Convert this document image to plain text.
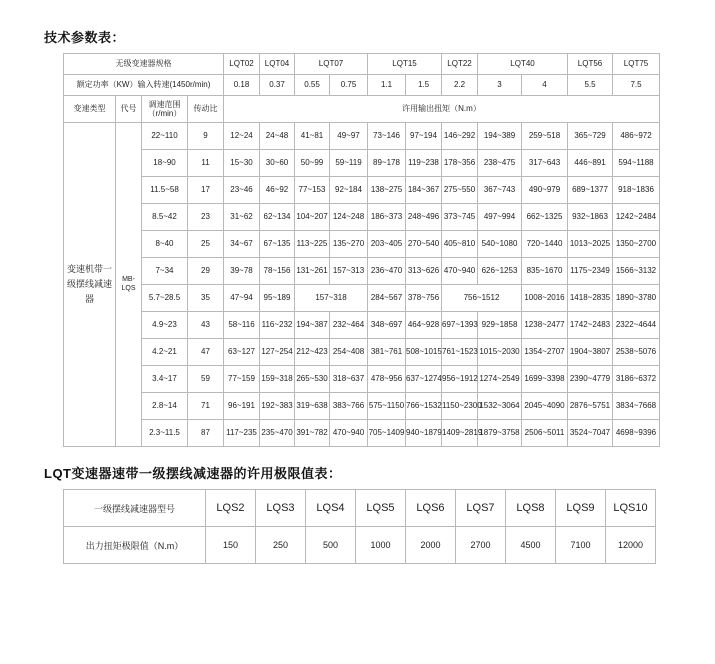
技术参数表：
无级变速器规格				LQT02	LQT04	LQT07		LQT15		LQT22	LQT40		LQT56	LQT75
额定功率（KW）输入转速(1450r/min)				0.18	0.37	0.55	0.75	1.1	1.5	2.2	3	4	5.5	7.5
变速类型	代号	调速范围（r/min）	传动比	许用输出扭矩（N.m）										
变速机带一级摆线减速器	MB-LQS	22~110	9	12~24	24~48	41~81	49~97	73~146	97~194	146~292	194~389	259~518	365~729	486~972
		18~90	11	15~30	30~60	50~99	59~119	89~178	119~238	178~356	238~475	317~643	446~891	594~1188
		11.5~58	17	23~46	46~92	77~153	92~184	138~275	184~367	275~550	367~743	490~979	689~1377	918~1836
		8.5~42	23	31~62	62~134	104~207	124~248	186~373	248~496	373~745	497~994	662~1325	932~1863	1242~2484
		8~40	25	34~67	67~135	113~225	135~270	203~405	270~540	405~810	540~1080	720~1440	1013~2025	1350~2700
		7~34	29	39~78	78~156	131~261	157~313	236~470	313~626	470~940	626~1253	835~1670	1175~2349	1566~3132
		5.7~28.5	35	47~94	95~189	157~318		284~567	378~756	756~1512		1008~2016	1418~2835	1890~3780
		4.9~23	43	58~116	116~232	194~387	232~464	348~697	464~928	697~1393	929~1858	1238~2477	1742~2483	2322~4644
		4.2~21	47	63~127	127~254	212~423	254~408	381~761	508~1015	761~1523	1015~2030	1354~2707	1904~3807	2538~5076
		3.4~17	59	77~159	159~318	265~530	318~637	478~956	637~1274	956~1912	1274~2549	1699~3398	2390~4779	3186~6372
		2.8~14	71	96~191	192~383	319~638	383~766	575~1150	766~1532	1150~2300	1532~3064	2045~4090	2876~5751	3834~7668
		2.3~11.5	87	117~235	235~470	391~782	470~940	705~1409	940~1879	1409~2819	1879~3758	2506~5011	3524~7047	4698~9396
LQT变速器速带一级摆线减速器的许用极限值表：
一级摆线减速器型号	LQS2	LQS3	LQS4	LQS5	LQS6	LQS7	LQS8	LQS9	LQS10
出力扭矩极限值（N.m）	150	250	500	1000	2000	2700	4500	7100	12000
